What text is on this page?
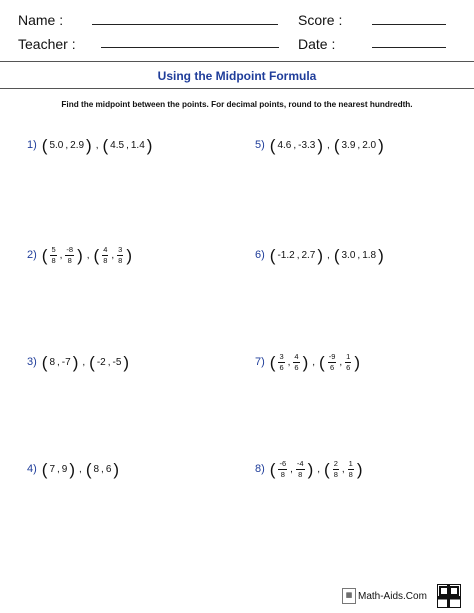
Name :	Score :
Teacher :	Date :
Using the Midpoint Formula
Find the midpoint between the points. For decimal points, round to the nearest hundredth.
1) ( 5.0 , 2.9 ) , ( 4.5 , 1.4 )
2) ( $\frac{5}{8}$ , $\frac{-8}{8}$ ) , ( $\frac{4}{8}$ , $\frac{3}{8}$ )
3) ( 8 , -7 ) , ( -2 , -5 )
4) ( 7 , 9 ) , ( 8 , 6 )
5) ( 4.6 , -3.3 ) , ( 3.9 , 2.0 )
6) ( -1.2 , 2.7 ) , ( 3.0 , 1.8 )
7) ( $\frac{3}{6}$ , $\frac{4}{6}$ ) , ( $\frac{-9}{6}$ , $\frac{1}{6}$ )
8) ( $\frac{-6}{8}$ , $\frac{-4}{8}$ ) , ( $\frac{2}{8}$ , $\frac{1}{8}$ )
▦ Math-Aids.Com
